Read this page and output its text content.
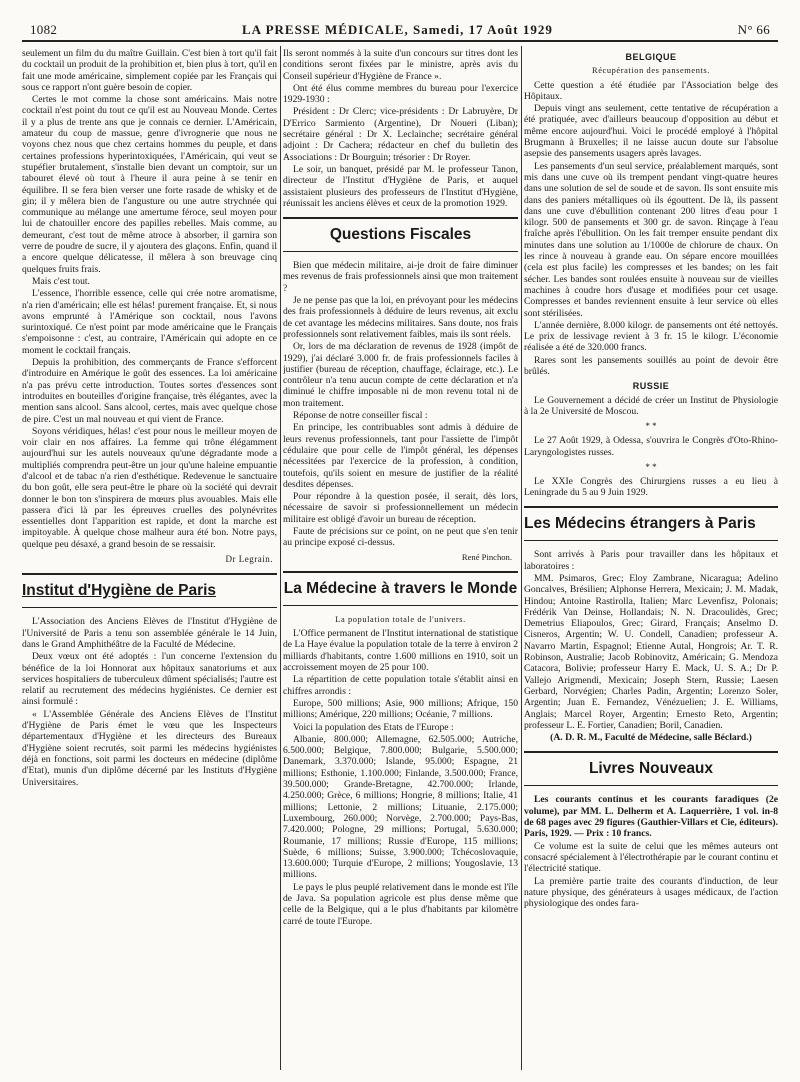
1082	LA PRESSE MÉDICALE, Samedi, 17 Août 1929	N° 66

seulement un film du du maître Guillain. C'est bien à tort qu'il fait du cocktail un produit de la prohibition et, bien plus à tort, qu'il en fait une mode américaine, simplement copiée par les Français qui sous ce rapport n'ont guère besoin de copier.

Certes le mot comme la chose sont américains. Mais notre cocktail n'est point du tout ce qu'il est au Nouveau Monde. Certes il y a plus de trente ans que je connais ce dernier. L'Américain, amateur du coup de massue, genre d'ivrognerie que nous ne voyons chez nous que chez certains hommes du peuple, et dans certaines professions hyperintoxiquées, l'Américain, qui veut se stupéfier brutalement, s'installe bien devant un comptoir, sur un tabouret élevé où tout à l'heure il aura peine à se tenir en équilibre. Il se fera bien verser une forte rasade de whisky et de gin; il y mêlera bien de l'angusture ou une autre strychnée qui communique au mélange une amertume féroce, seul moyen pour lui de chatouiller encore des papilles rebelles. Mais comme, au demeurant, c'est tout de même atroce à absorber, il garnira son verre de poudre de sucre, il y ajoutera des glaçons. Enfin, quand il a encore quelque délicatesse, il mêlera à son breuvage cinq quelques fruits frais.

Mais c'est tout.

L'essence, l'horrible essence, celle qui crée notre aromatisme, n'a rien d'américain; elle est hélas! purement française. Et, si nous avons emprunté à l'Amérique son cocktail, nous l'avons surintoxiqué. Ce n'est point par mode américaine que le Français s'empoisonne : c'est, au contraire, l'Américain qui adopte en ce moment le cocktail français.

Depuis la prohibition, des commerçants de France s'efforcent d'introduire en Amérique le goût des essences. La loi américaine n'a pas prévu cette introduction. Toutes sortes d'essences sont introduites en bouteilles d'origine française, très élégantes, avec la mention sans alcool. Sans alcool, certes, mais avec quelque chose de pire. C'est un mal nouveau et qui vient de France.

Soyons véridiques, hélas! c'est pour nous le meilleur moyen de voir clair en nos affaires. La femme qui trône élégamment aujourd'hui sur les autels nouveaux qu'une dégradante mode a multipliés comprendra peut-être un jour qu'une haleine empuantie d'alcool et de tabac n'a rien d'esthétique. Redevenue le sanctuaire du bon goût, elle sera peut-être le phare où la société qui devrait donner le bon ton s'inspirera de mœurs plus avouables. Mais elle passera d'ici là par les épreuves cruelles des polynévrites essentielles dont l'apparition est rapide, et dont la marche est impitoyable. À quelque chose malheur aura été bon. Notre pays, quelque peu désaxé, a grand besoin de se ressaisir.

Dr Legrain.
Institut d'Hygiène de Paris

L'Association des Anciens Elèves de l'Institut d'Hygiène de l'Université de Paris a tenu son assemblée générale le 14 Juin, dans le Grand Amphithéâtre de la Faculté de Médecine.

Deux vœux ont été adoptés : l'un concerne l'extension du bénéfice de la loi Honnorat aux hôpitaux sanatoriums et aux services hospitaliers de tuberculeux dûment spécialisés; l'autre est relatif au recrutement des médecins hygiénistes. Ce dernier est ainsi formulé :

« L'Assemblée Générale des Anciens Elèves de l'Institut d'Hygiène de Paris émet le vœu que les Inspecteurs départementaux d'Hygiène et les directeurs des Bureaux d'Hygiène soient recrutés, soit parmi les médecins hygiénistes déjà en fonctions, soit parmi les docteurs en médecine (diplôme d'Etat), munis d'un diplôme décerné par les Instituts d'Hygiène Universitaires.

Ils seront nommés à la suite d'un concours sur titres dont les conditions seront fixées par le ministre, après avis du Conseil supérieur d'Hygiène de France ».

Ont été élus comme membres du bureau pour l'exercice 1929-1930 :

Président : Dr Clerc; vice-présidents : Dr Labruyère, Dr D'Errico Sarmiento (Argentine), Dr Noueri (Liban); secrétaire général : Dr X. Leclainche; secrétaire général adjoint : Dr Cachera; rédacteur en chef du bulletin des Associations : Dr Bourguin; trésorier : Dr Royer.

Le soir, un banquet, présidé par M. le professeur Tanon, directeur de l'Institut d'Hygiène de Paris, et auquel assistaient plusieurs des professeurs de l'Institut d'Hygiène, réunissait les anciens élèves et ceux de la promotion 1929.

Questions Fiscales

Bien que médecin militaire, ai-je droit de faire diminuer mes revenus de frais professionnels ainsi que mon traitement ?

Je ne pense pas que la loi, en prévoyant pour les médecins des frais professionnels à déduire de leurs revenus, ait exclu de cet avantage les médecins militaires. Sans doute, nos frais professionnels sont relativement faibles, mais ils sont réels.

Or, lors de ma déclaration de revenus de 1928 (impôt de 1929), j'ai déclaré 3.000 fr. de frais professionnels faciles à justifier (bureau de réception, chauffage, éclairage, etc.). Le contrôleur n'a tenu aucun compte de cette déclaration et n'a diminué le chiffre imposable ni de mon revenu total ni de mon traitement.

Réponse de notre conseiller fiscal :

En principe, les contribuables sont admis à déduire de leurs revenus professionnels, tant pour l'assiette de l'impôt cédulaire que pour celle de l'impôt général, les dépenses nécessitées par l'exercice de la profession, à condition, toutefois, qu'ils soient en mesure de justifier de la réalité desdites dépenses.

Pour répondre à la question posée, il serait, dès lors, nécessaire de savoir si professionnellement un médecin militaire est obligé d'avoir un bureau de réception.

Faute de précisions sur ce point, on ne peut que s'en tenir au principe exposé ci-dessus.

René Pinchon.
La Médecine à travers le Monde
La population totale de l'univers.

L'Office permanent de l'Institut international de statistique de La Haye évalue la population totale de la terre à environ 2 milliards d'habitants, contre 1.600 millions en 1910, soit un accroissement moyen de 25 pour 100.

La répartition de cette population totale s'établit ainsi en chiffres arrondis :

Europe, 500 millions; Asie, 900 millions; Afrique, 150 millions; Amérique, 220 millions; Océanie, 7 millions.

Voici la population des Etats de l'Europe :

Albanie, 800.000; Allemagne, 62.505.000; Autriche, 6.500.000; Belgique, 7.800.000; Bulgarie, 5.500.000; Danemark, 3.370.000; Islande, 95.000; Espagne, 21 millions; Esthonie, 1.100.000; Finlande, 3.500.000; France, 39.500.000; Grande-Bretagne, 42.700.000; Irlande, 4.250.000; Grèce, 6 millions; Hongrie, 8 millions; Italie, 41 millions; Lettonie, 2 millions; Lituanie, 2.175.000; Luxembourg, 260.000; Norvège, 2.700.000; Pays-Bas, 7.420.000; Pologne, 29 millions; Portugal, 5.630.000; Roumanie, 17 millions; Russie d'Europe, 115 millions; Suède, 6 millions; Suisse, 3.900.000; Tchécoslovaquie, 13.600.000; Turquie d'Europe, 2 millions; Yougoslavie, 13 millions.

Le pays le plus peuplé relativement dans le monde est l'île de Java. Sa population agricole est plus dense même que celle de la Belgique, qui a le plus d'habitants par kilomètre carré de toute l'Europe.

BELGIQUE
Récupération des pansements.

Cette question a été étudiée par l'Association belge des Hôpitaux.

Depuis vingt ans seulement, cette tentative de récupération a été pratiquée, avec d'ailleurs beaucoup d'opposition au début et même encore aujourd'hui. Voici le procédé employé à l'hôpital Brugmann à Bruxelles; il ne laisse aucun doute sur l'absolue asepsie des pansements usagers après lavages.

Les pansements d'un seul service, préalablement marqués, sont mis dans une cuve où ils trempent pendant vingt-quatre heures dans une solution de sel de soude et de savon. Ils sont ensuite mis dans des paniers métalliques où ils égouttent. De là, ils passent dans une cuve d'ébullition contenant 200 litres d'eau pour 1 kilogr. 500 de pansements et 300 gr. de savon. Rinçage à l'eau fraîche après l'ébullition. On les fait tremper ensuite pendant dix minutes dans une solution au 1/1000e de chlorure de chaux. On les rince à nouveau à grande eau. On sépare encore mouillées (cela est plus facile) les compresses et les bandes; on les fait sécher. Les bandes sont roulées ensuite à nouveau sur de vieilles machines à coudre hors d'usage et modifiées pour cet usage. Compresses et bandes reviennent ensuite à leur service où elles sont stérilisées.

L'année dernière, 8.000 kilogr. de pansements ont été nettoyés. Le prix de lessivage revient à 3 fr. 15 le kilogr. L'économie réalisée a été de 320.000 francs.

Rares sont les pansements souillés au point de devoir être brûlés.

RUSSIE

Le Gouvernement a décidé de créer un Institut de Physiologie à la 2e Université de Moscou.

* *

Le 27 Août 1929, à Odessa, s'ouvrira le Congrès d'Oto-Rhino-Laryngologistes russes.

* *

Le XXIe Congrès des Chirurgiens russes a eu lieu à Leningrade du 5 au 9 Juin 1929.

Les Médecins étrangers à Paris

Sont arrivés à Paris pour travailler dans les hôpitaux et laboratoires :

MM. Psimaros, Grec; Eloy Zambrane, Nicaragua; Adelino Goncalves, Brésilien; Alphonse Herrera, Mexicain; J. M. Madak, Hindou; Antoine Rastirolla, Italien; Marc Levenfisz, Polonais; Frédérik Van Deinse, Hollandais; N. N. Dracoulidès, Grec; Demetrius Eliapoulos, Grec; Girard, Français; Anselmo D. Cisneros, Argentin; W. U. Condell, Canadien; professeur A. Navarro Martin, Espagnol; Etienne Autal, Hongrois; Ar. T. R. Robinson, Australie; Jacob Robinovitz, Américain; G. Mendoza Catacora, Bolivie; professeur Harry E. Mack, U. S. A.; Dr P. Vallejo Arigmendi, Mexicain; Joseph Stern, Russie; Laesen Gerbard, Norvégien; Charles Padin, Argentin; Lorenzo Soler, Argentin; Juan E. Fernandez, Vénézuelien; J. E. Williams, Anglais; Marcel Royer, Argentin; Ernesto Reto, Argentin; professeur L. E. Fortier, Canadien; Boril, Canadien.

(A. D. R. M., Faculté de Médecine, salle Béclard.)

Livres Nouveaux

Les courants continus et les courants faradiques (2e volume), par MM. L. Delherm et A. Laquerrière, 1 vol. in-8 de 68 pages avec 29 figures (Gauthier-Villars et Cie, éditeurs). Paris, 1929. — Prix : 10 francs.

Ce volume est la suite de celui que les mêmes auteurs ont consacré spécialement à l'électrothérapie par le courant continu et l'électricité statique.

La première partie traite des courants d'induction, de leur nature physique, des générateurs à usages médicaux, de l'action physiologique des ondes fara-
